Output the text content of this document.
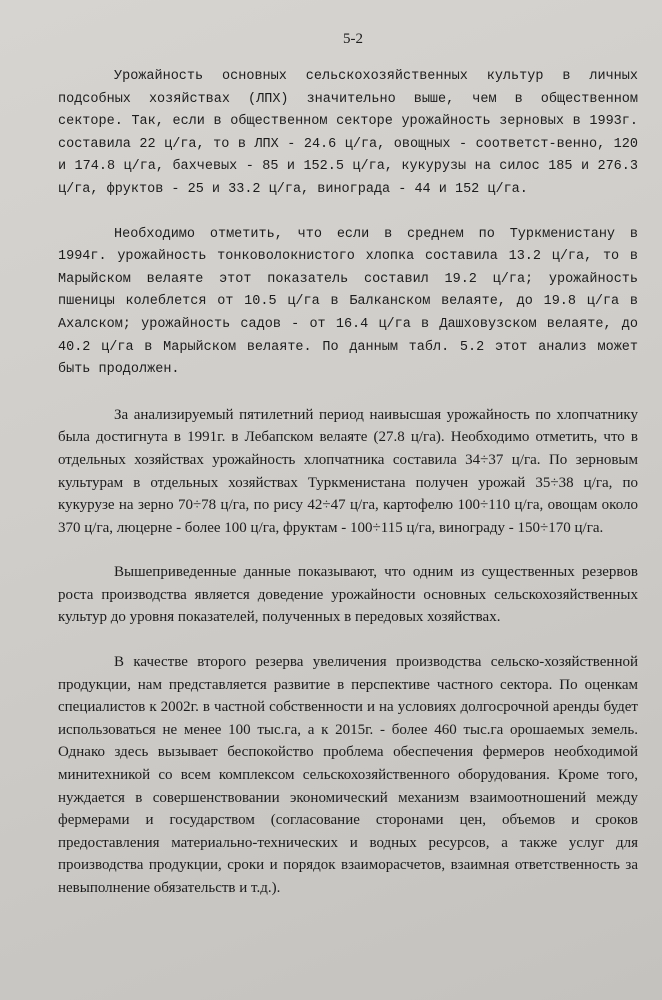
5-2

Урожайность основных сельскохозяйственных культур в личных подсобных хозяйствах (ЛПХ) значительно выше, чем в общественном секторе. Так, если в общественном секторе урожайность зерновых в 1993г. составила 22 ц/га, то в ЛПХ - 24.6 ц/га, овощных - соответст-венно, 120 и 174.8 ц/га, бахчевых - 85 и 152.5 ц/га, кукурузы на силос 185 и 276.3 ц/га, фруктов - 25 и 33.2 ц/га, винограда - 44 и 152 ц/га.

Необходимо отметить, что если в среднем по Туркменистану в 1994г. урожайность тонковолокнистого хлопка составила 13.2 ц/га, то в Марыйском велаяте этот показатель составил 19.2 ц/га; урожайность пшеницы колеблется от 10.5 ц/га в Балканском велаяте, до 19.8 ц/га в Ахалском; урожайность садов - от 16.4 ц/га в Дашховузском велаяте, до 40.2 ц/га в Марыйском велаяте. По данным табл. 5.2 этот анализ может быть продолжен.

За анализируемый пятилетний период наивысшая урожайность по хлопчатнику была достигнута в 1991г. в Лебапском велаяте (27.8 ц/га). Необходимо отметить, что в отдельных хозяйствах урожайность хлопчатника составила 34÷37 ц/га. По зерновым культурам в отдельных хозяйствах Туркменистана получен урожай 35÷38 ц/га, по кукурузе на зерно 70÷78 ц/га, по рису 42÷47 ц/га, картофелю 100÷110 ц/га, овощам около 370 ц/га, люцерне - более 100 ц/га, фруктам - 100÷115 ц/га, винограду - 150÷170 ц/га.

Вышеприведенные данные показывают, что одним из существенных резервов роста производства является доведение урожайности основных сельскохозяйственных культур до уровня показателей, полученных в передовых хозяйствах.

В качестве второго резерва увеличения производства сельско-хозяйственной продукции, нам представляется развитие в перспективе частного сектора. По оценкам специалистов к 2002г. в частной собственности и на условиях долгосрочной аренды будет использоваться не менее 100 тыс.га, а к 2015г. - более 460 тыс.га орошаемых земель. Однако здесь вызывает беспокойство проблема обеспечения фермеров необходимой минитехникой со всем комплексом сельскохозяйственного оборудования. Кроме того, нуждается в совершенствовании экономический механизм взаимоотношений между фермерами и государством (согласование сторонами цен, объемов и сроков предоставления материально-технических и водных ресурсов, а также услуг для производства продукции, сроки и порядок взаиморасчетов, взаимная ответственность за невыполнение обязательств и т.д.).
